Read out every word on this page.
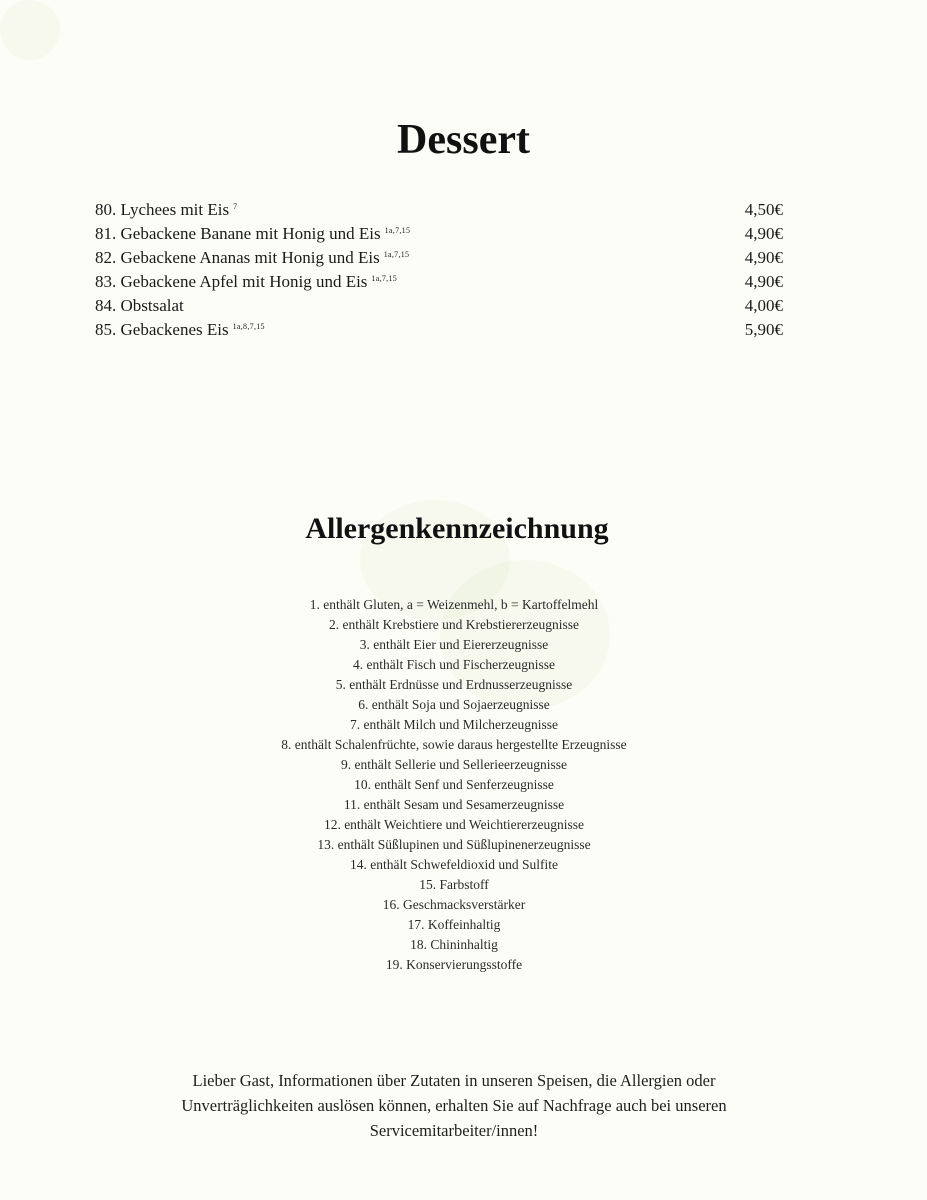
Dessert
80. Lychees mit Eis $^7$	4,50€
81. Gebackene Banane mit Honig und Eis $^{1a,7,15}$	4,90€
82. Gebackene Ananas mit Honig und Eis $^{1a,7,15}$	4,90€
83. Gebackene Apfel mit Honig und Eis $^{1a,7,15}$	4,90€
84. Obstsalat	4,00€
85. Gebackenes Eis $^{1a,8,7,15}$	5,90€
Allergenkennzeichnung
1. enthält Gluten, a = Weizenmehl, b = Kartoffelmehl
2. enthält Krebstiere und Krebstiererzeugnisse
3. enthält Eier und Eiererzeugnisse
4. enthält Fisch und Fischerzeugnisse
5. enthält Erdnüsse und Erdnusserzeugnisse
6. enthält Soja und Sojaerzeugnisse
7. enthält Milch und Milcherzeugnisse
8. enthält Schalenfrüchte, sowie daraus hergestellte Erzeugnisse
9. enthält Sellerie und Sellerieerzeugnisse
10. enthält Senf und Senferzeugnisse
11. enthält Sesam und Sesamerzeugnisse
12. enthält Weichtiere und Weichtiererzeugnisse
13. enthält Süßlupinen und Süßlupinenerzeugnisse
14. enthält Schwefeldioxid und Sulfite
15. Farbstoff
16. Geschmacksverstärker
17. Koffeinhaltig
18. Chininhaltig
19. Konservierungsstoffe

Lieber Gast, Informationen über Zutaten in unseren Speisen, die Allergien oder
Unverträglichkeiten auslösen können, erhalten Sie auf Nachfrage auch bei unseren
Servicemitarbeiter/innen!
